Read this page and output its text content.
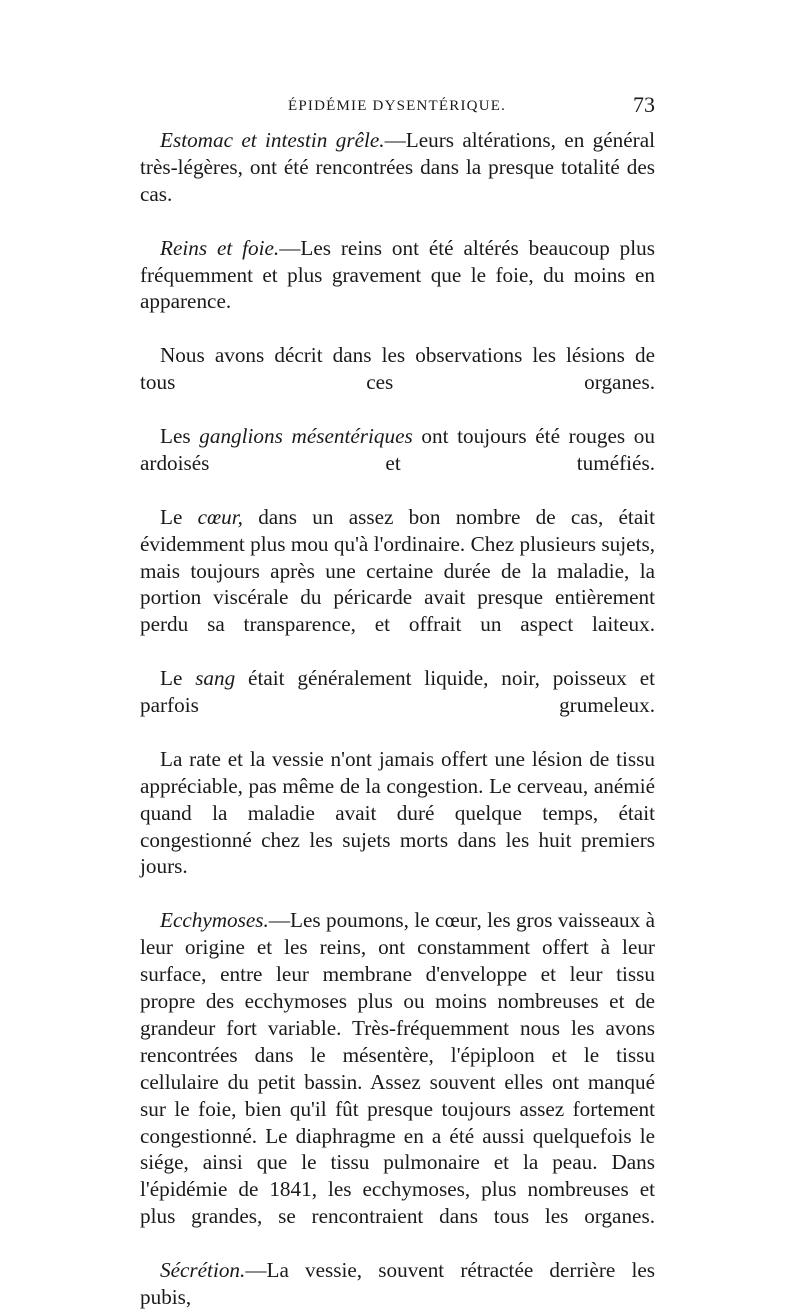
ÉPIDÉMIE DYSENTÉRIQUE.	73

Estomac et intestin grêle.—Leurs altérations, en général très-légères, ont été rencontrées dans la presque totalité des cas.

Reins et foie.—Les reins ont été altérés beaucoup plus fréquemment et plus gravement que le foie, du moins en apparence.

Nous avons décrit dans les observations les lésions de tous ces organes.

Les ganglions mésentériques ont toujours été rouges ou ardoisés et tuméfiés.

Le cœur, dans un assez bon nombre de cas, était évidemment plus mou qu'à l'ordinaire. Chez plusieurs sujets, mais toujours après une certaine durée de la maladie, la portion viscérale du péricarde avait presque entièrement perdu sa transparence, et offrait un aspect laiteux.

Le sang était généralement liquide, noir, poisseux et parfois grumeleux.

La rate et la vessie n'ont jamais offert une lésion de tissu appréciable, pas même de la congestion. Le cerveau, anémié quand la maladie avait duré quelque temps, était congestionné chez les sujets morts dans les huit premiers jours.

Ecchymoses.—Les poumons, le cœur, les gros vaisseaux à leur origine et les reins, ont constamment offert à leur surface, entre leur membrane d'enveloppe et leur tissu propre des ecchymoses plus ou moins nombreuses et de grandeur fort variable. Très-fréquemment nous les avons rencontrées dans le mésentère, l'épiploon et le tissu cellulaire du petit bassin. Assez souvent elles ont manqué sur le foie, bien qu'il fût presque toujours assez fortement congestionné. Le diaphragme en a été aussi quelquefois le siége, ainsi que le tissu pulmonaire et la peau. Dans l'épidémie de 1841, les ecchymoses, plus nombreuses et plus grandes, se rencontraient dans tous les organes.

Sécrétion.—La vessie, souvent rétractée derrière les pubis,
